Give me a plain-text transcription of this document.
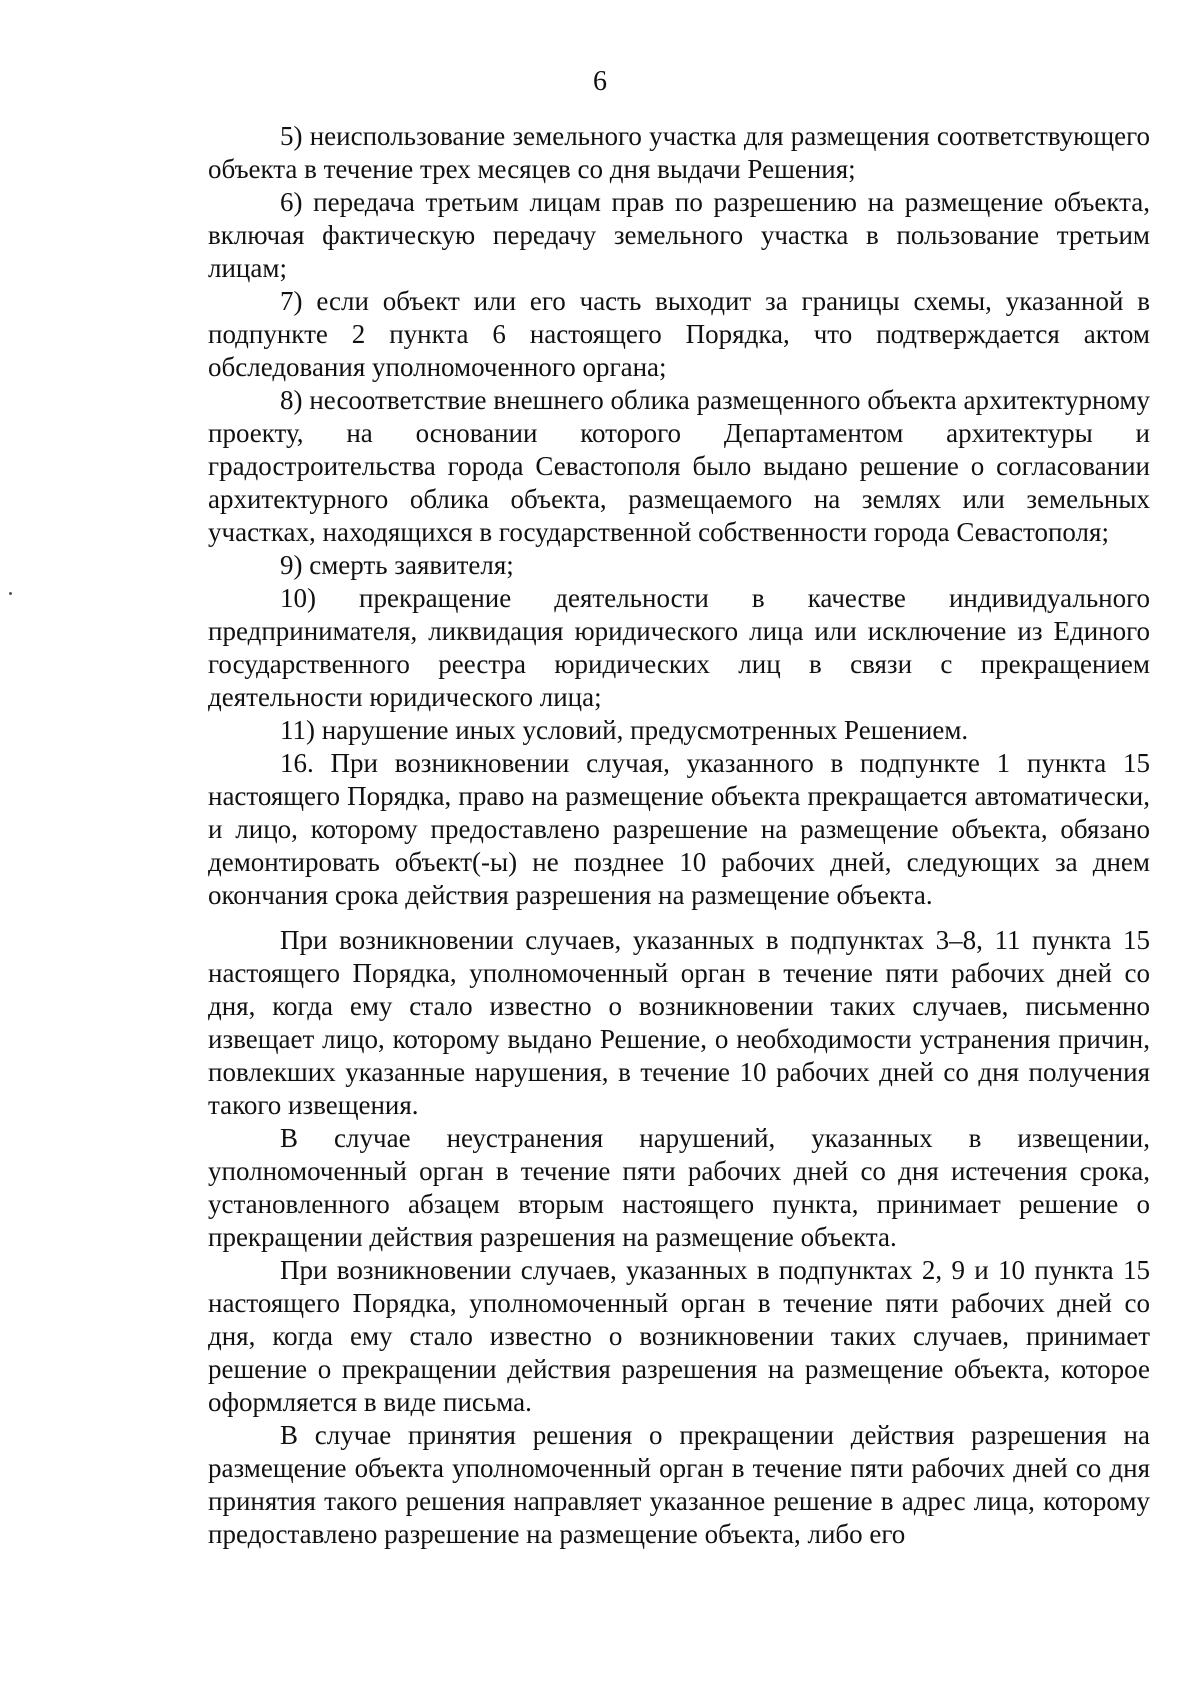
6

5) неиспользование земельного участка для размещения соответствующего объекта в течение трех месяцев со дня выдачи Решения;

6) передача третьим лицам прав по разрешению на размещение объекта, включая фактическую передачу земельного участка в пользование третьим лицам;

7) если объект или его часть выходит за границы схемы, указанной в подпункте 2 пункта 6 настоящего Порядка, что подтверждается актом обследования уполномоченного органа;

8) несоответствие внешнего облика размещенного объекта архитектурному проекту, на основании которого Департаментом архитектуры и градостроительства города Севастополя было выдано решение о согласовании архитектурного облика объекта, размещаемого на землях или земельных участках, находящихся в государственной собственности города Севастополя;

9) смерть заявителя;

10) прекращение деятельности в качестве индивидуального предпринимателя, ликвидация юридического лица или исключение из Единого государственного реестра юридических лиц в связи с прекращением деятельности юридического лица;

11) нарушение иных условий, предусмотренных Решением.

16. При возникновении случая, указанного в подпункте 1 пункта 15 настоящего Порядка, право на размещение объекта прекращается автоматически, и лицо, которому предоставлено разрешение на размещение объекта, обязано демонтировать объект(-ы) не позднее 10 рабочих дней, следующих за днем окончания срока действия разрешения на размещение объекта.

При возникновении случаев, указанных в подпунктах 3–8, 11 пункта 15 настоящего Порядка, уполномоченный орган в течение пяти рабочих дней со дня, когда ему стало известно о возникновении таких случаев, письменно извещает лицо, которому выдано Решение, о необходимости устранения причин, повлекших указанные нарушения, в течение 10 рабочих дней со дня получения такого извещения.

В случае неустранения нарушений, указанных в извещении, уполномоченный орган в течение пяти рабочих дней со дня истечения срока, установленного абзацем вторым настоящего пункта, принимает решение о прекращении действия разрешения на размещение объекта.

При возникновении случаев, указанных в подпунктах 2, 9 и 10 пункта 15 настоящего Порядка, уполномоченный орган в течение пяти рабочих дней со дня, когда ему стало известно о возникновении таких случаев, принимает решение о прекращении действия разрешения на размещение объекта, которое оформляется в виде письма.

В случае принятия решения о прекращении действия разрешения на размещение объекта уполномоченный орган в течение пяти рабочих дней со дня принятия такого решения направляет указанное решение в адрес лица, которому предоставлено разрешение на размещение объекта, либо его
